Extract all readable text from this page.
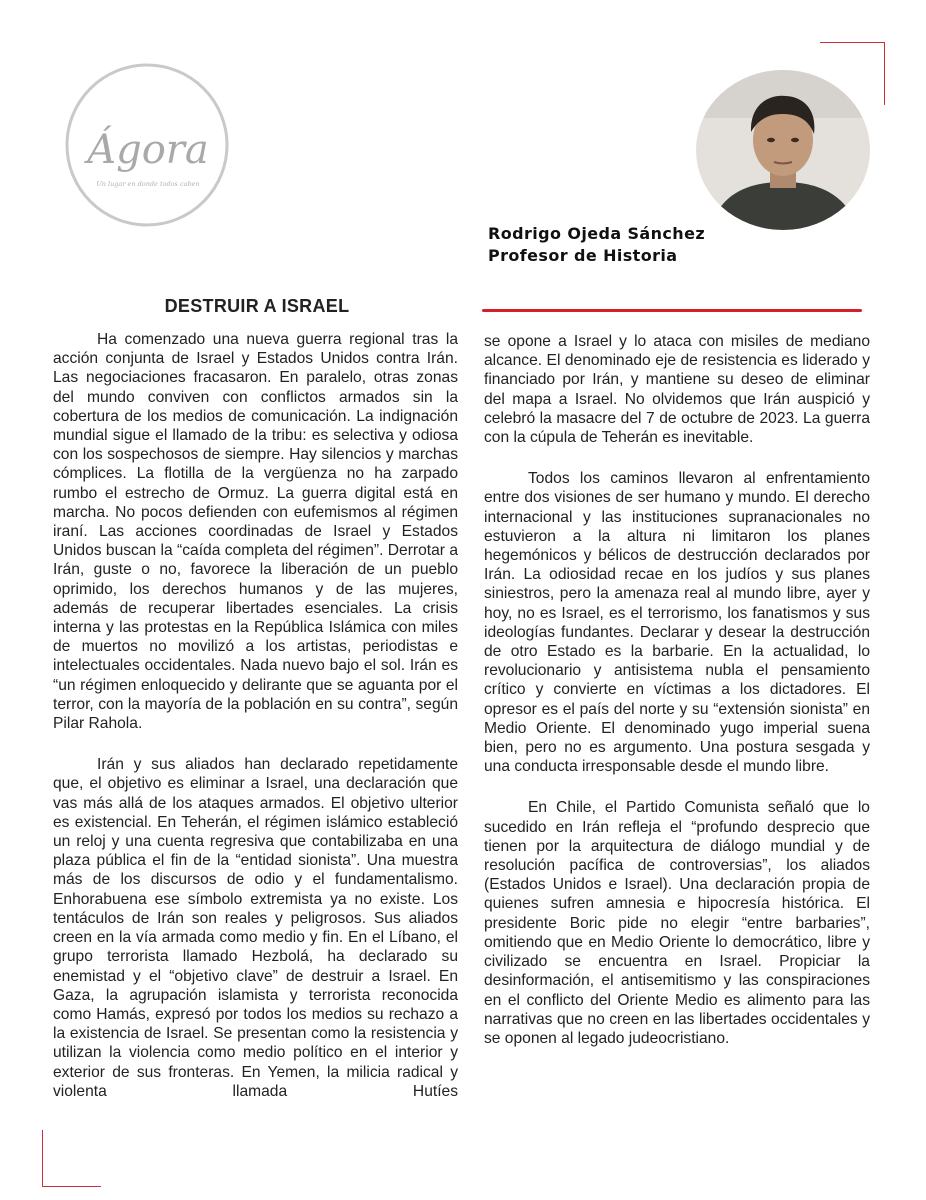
Ágora
Un lugar en donde todos caben
Rodrigo Ojeda Sánchez
Profesor de Historia
DESTRUIR A ISRAEL

Ha comenzado una nueva guerra regional tras la acción conjunta de Israel y Estados Unidos contra Irán. Las negociaciones fracasaron. En paralelo, otras zonas del mundo conviven con conflictos armados sin la cobertura de los medios de comunicación. La indignación mundial sigue el llamado de la tribu: es selectiva y odiosa con los sospechosos de siempre. Hay silencios y marchas cómplices. La flotilla de la vergüenza no ha zarpado rumbo el estrecho de Ormuz. La guerra digital está en marcha. No pocos defienden con eufemismos al régimen iraní. Las acciones coordinadas de Israel y Estados Unidos buscan la “caída completa del régimen”. Derrotar a Irán, guste o no, favorece la liberación de un pueblo oprimido, los derechos humanos y de las mujeres, además de recuperar libertades esenciales. La crisis interna y las protestas en la República Islámica con miles de muertos no movilizó a los artistas, periodistas e intelectuales occidentales. Nada nuevo bajo el sol. Irán es “un régimen enloquecido y delirante que se aguanta por el terror, con la mayoría de la población en su contra”, según Pilar Rahola.

Irán y sus aliados han declarado repetidamente que, el objetivo es eliminar a Israel, una declaración que vas más allá de los ataques armados. El objetivo ulterior es existencial. En Teherán, el régimen islámico estableció un reloj y una cuenta regresiva que contabilizaba en una plaza pública el fin de la “entidad sionista”. Una muestra más de los discursos de odio y el fundamentalismo. Enhorabuena ese símbolo extremista ya no existe. Los tentáculos de Irán son reales y peligrosos. Sus aliados creen en la vía armada como medio y fin. En el Líbano, el grupo terrorista llamado Hezbolá, ha declarado su enemistad y el “objetivo clave” de destruir a Israel. En Gaza, la agrupación islamista y terrorista reconocida como Hamás, expresó por todos los medios su rechazo a la existencia de Israel. Se presentan como la resistencia y utilizan la violencia como medio político en el interior y exterior de sus fronteras. En Yemen, la milicia radical y violenta llamada Hutíes

se opone a Israel y lo ataca con misiles de mediano alcance. El denominado eje de resistencia es liderado y financiado por Irán, y mantiene su deseo de eliminar del mapa a Israel. No olvidemos que Irán auspició y celebró la masacre del 7 de octubre de 2023. La guerra con la cúpula de Teherán es inevitable.

Todos los caminos llevaron al enfrentamiento entre dos visiones de ser humano y mundo. El derecho internacional y las instituciones supranacionales no estuvieron a la altura ni limitaron los planes hegemónicos y bélicos de destrucción declarados por Irán. La odiosidad recae en los judíos y sus planes siniestros, pero la amenaza real al mundo libre, ayer y hoy, no es Israel, es el terrorismo, los fanatismos y sus ideologías fundantes. Declarar y desear la destrucción de otro Estado es la barbarie. En la actualidad, lo revolucionario y antisistema nubla el pensamiento crítico y convierte en víctimas a los dictadores. El opresor es el país del norte y su “extensión sionista” en Medio Oriente. El denominado yugo imperial suena bien, pero no es argumento. Una postura sesgada y una conducta irresponsable desde el mundo libre.

En Chile, el Partido Comunista señaló que lo sucedido en Irán refleja el “profundo desprecio que tienen por la arquitectura de diálogo mundial y de resolución pacífica de controversias”, los aliados (Estados Unidos e Israel). Una declaración propia de quienes sufren amnesia e hipocresía histórica. El presidente Boric pide no elegir “entre barbaries”, omitiendo que en Medio Oriente lo democrático, libre y civilizado se encuentra en Israel. Propiciar la desinformación, el antisemitismo y las conspiraciones en el conflicto del Oriente Medio es alimento para las narrativas que no creen en las libertades occidentales y se oponen al legado judeocristiano.
